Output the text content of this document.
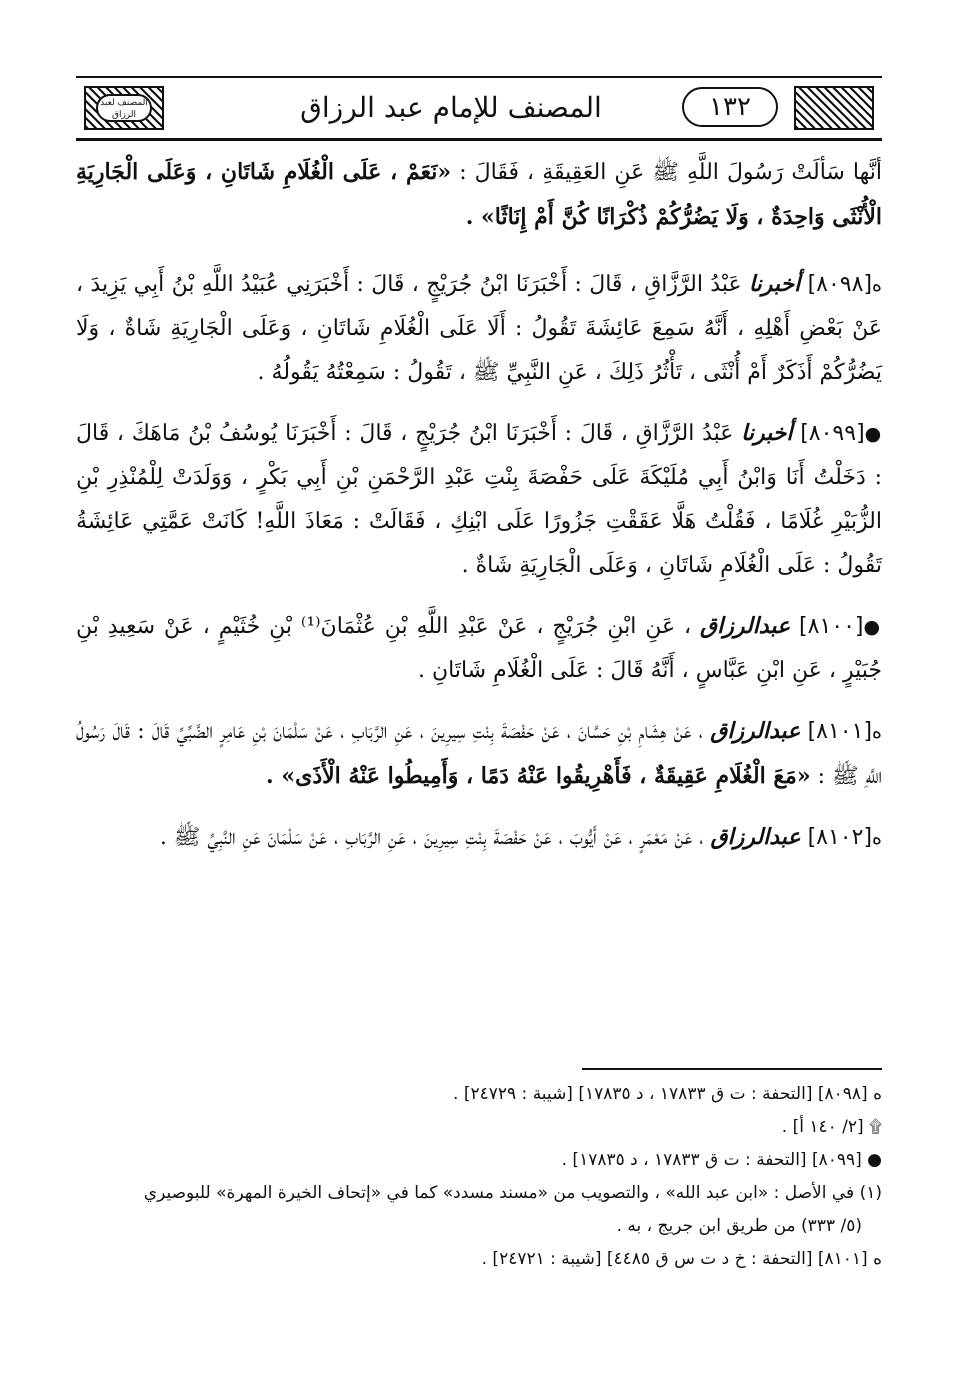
المصنف لعبد الرزاق	المصنف للإمام عبد الرزاق	١٣٢

أنَّها سَألَتْ رَسُولَ اللَّهِ ﷺ عَنِ العَقِيقَةِ ، فَقَالَ : «نَعَمْ ، عَلَى الْغُلَامِ شَاتَانِ ، وَعَلَى الْجَارِيَةِ الْأُنْثَى وَاحِدَةٌ ، وَلَا يَضُرُّكُمْ ذُكْرَانًا كُنَّ أَمْ إِنَاثًا» .

ه[٨٠٩٨] أخبرنا عَبْدُ الرَّزَّاقِ ، قَالَ : أَخْبَرَنَا ابْنُ جُرَيْجٍ ، قَالَ : أَخْبَرَنِي عُبَيْدُ اللَّهِ بْنُ أَبِي يَزِيدَ ، عَنْ بَعْضِ أَهْلِهِ ، أَنَّهُ سَمِعَ عَائِشَةَ تَقُولُ : أَلَا عَلَى الْغُلَامِ شَاتَانِ ، وَعَلَى الْجَارِيَةِ شَاةٌ ، وَلَا يَضُرُّكُمْ أَذَكَرٌ أَمْ أُنْثَى ، تَأْثُرُ ذَلِكَ ، عَنِ النَّبِيِّ ﷺ ، تَقُولُ : سَمِعْتُهُ يَقُولُهُ .

●[٨٠٩٩] أخبرنا عَبْدُ الرَّزَّاقِ ، قَالَ : أَخْبَرَنَا ابْنُ جُرَيْجٍ ، قَالَ : أَخْبَرَنَا يُوسُفُ بْنُ مَاهَكَ ، قَالَ : دَخَلْتُ أَنَا وَابْنُ أَبِي مُلَيْكَةَ عَلَى حَفْصَةَ بِنْتِ عَبْدِ الرَّحْمَنِ بْنِ أَبِي بَكْرٍ ، وَوَلَدَتْ لِلْمُنْذِرِ بْنِ الزُّبَيْرِ غُلَامًا ، فَقُلْتُ هَلَّا عَقَقْتِ جَزُورًا عَلَى ابْنِكِ ، فَقَالَتْ : مَعَاذَ اللَّهِ! كَانَتْ عَمَّتِي عَائِشَةُ تَقُولُ : عَلَى الْغُلَامِ شَاتَانِ ، وَعَلَى الْجَارِيَةِ شَاةٌ .

●[٨١٠٠] عبدالرزاق ، عَنِ ابْنِ جُرَيْجٍ ، عَنْ عَبْدِ اللَّهِ بْنِ عُثْمَانَ⁽¹⁾ بْنِ خُثَيْمٍ ، عَنْ سَعِيدِ بْنِ جُبَيْرٍ ، عَنِ ابْنِ عَبَّاسٍ ، أَنَّهُ قَالَ : عَلَى الْغُلَامِ شَاتَانِ .

ه[٨١٠١] عبدالرزاق ، عَنْ هِشَامِ بْنِ حَسَّانَ ، عَنْ حَفْصَةَ بِنْتِ سِيرِينَ ، عَنِ الرَّبَابِ ، عَنْ سَلْمَانَ بْنِ عَامِرٍ الضَّبِّيِّ قَالَ : قَالَ رَسُولُ اللَّهِ ﷺ : «مَعَ الْغُلَامِ عَقِيقَةٌ ، فَأَهْرِيقُوا عَنْهُ دَمًا ، وَأَمِيطُوا عَنْهُ الْأَذَى» .

ه[٨١٠٢] عبدالرزاق ، عَنْ مَعْمَرٍ ، عَنْ أَيُّوبَ ، عَنْ حَفْصَةَ بِنْتِ سِيرِينَ ، عَنِ الرَّبَابِ ، عَنْ سَلْمَانَ عَنِ النَّبِيِّ ﷺ .

ه [٨٠٩٨] [التحفة : ت ق ١٧٨٣٣ ، د ١٧٨٣٥] [شيبة : ٢٤٧٢٩] .

۩ [٢/ ١٤٠ أ] .

● [٨٠٩٩] [التحفة : ت ق ١٧٨٣٣ ، د ١٧٨٣٥] .

(١) في الأصل : «ابن عبد الله» ، والتصويب من «مسند مسدد» كما في «إتحاف الخيرة المهرة» للبوصيري

(٥/ ٣٣٣) من طريق ابن جريج ، به .

ه [٨١٠١] [التحفة : خ د ت س ق ٤٤٨٥] [شيبة : ٢٤٧٢١] .
